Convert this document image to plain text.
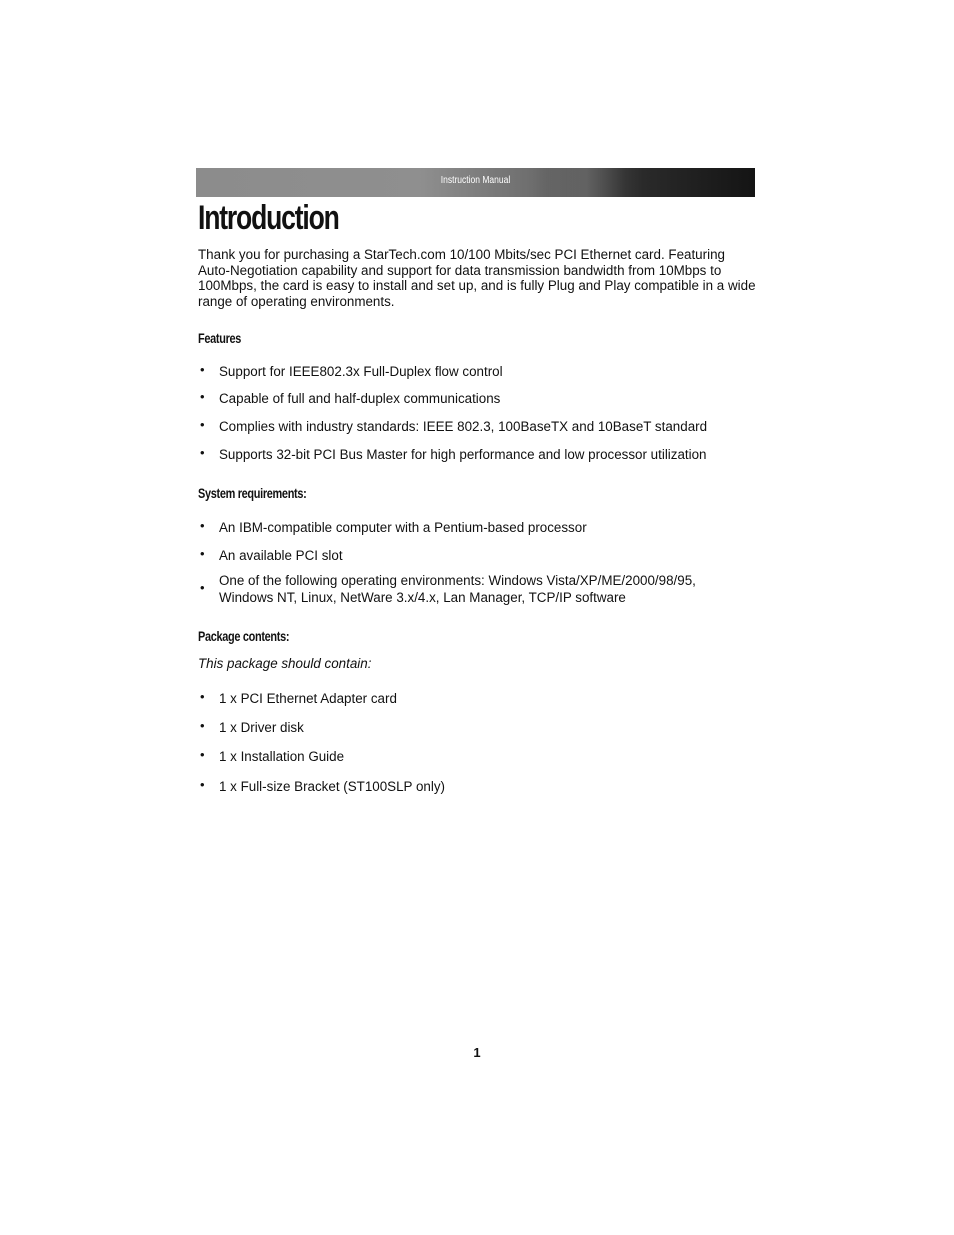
Instruction Manual
Introduction

Thank you for purchasing a StarTech.com 10/100 Mbits/sec PCI Ethernet card. Featuring Auto-Negotiation capability and support for data transmission bandwidth from 10Mbps to 100Mbps, the card is easy to install and set up, and is fully Plug and Play compatible in a wide range of operating environments.

Features
• Support for IEEE802.3x Full-Duplex flow control
• Capable of full and half-duplex communications
• Complies with industry standards: IEEE 802.3, 100BaseTX and 10BaseT standard
• Supports 32-bit PCI Bus Master for high performance and low processor utilization
System requirements:
• An IBM-compatible computer with a Pentium-based processor
• An available PCI slot
• One of the following operating environments: Windows Vista/XP/ME/2000/98/95, Windows NT, Linux, NetWare 3.x/4.x, Lan Manager, TCP/IP software
Package contents:

This package should contain:

• 1 x PCI Ethernet Adapter card
• 1 x Driver disk
• 1 x Installation Guide
• 1 x Full-size Bracket (ST100SLP only)
1
